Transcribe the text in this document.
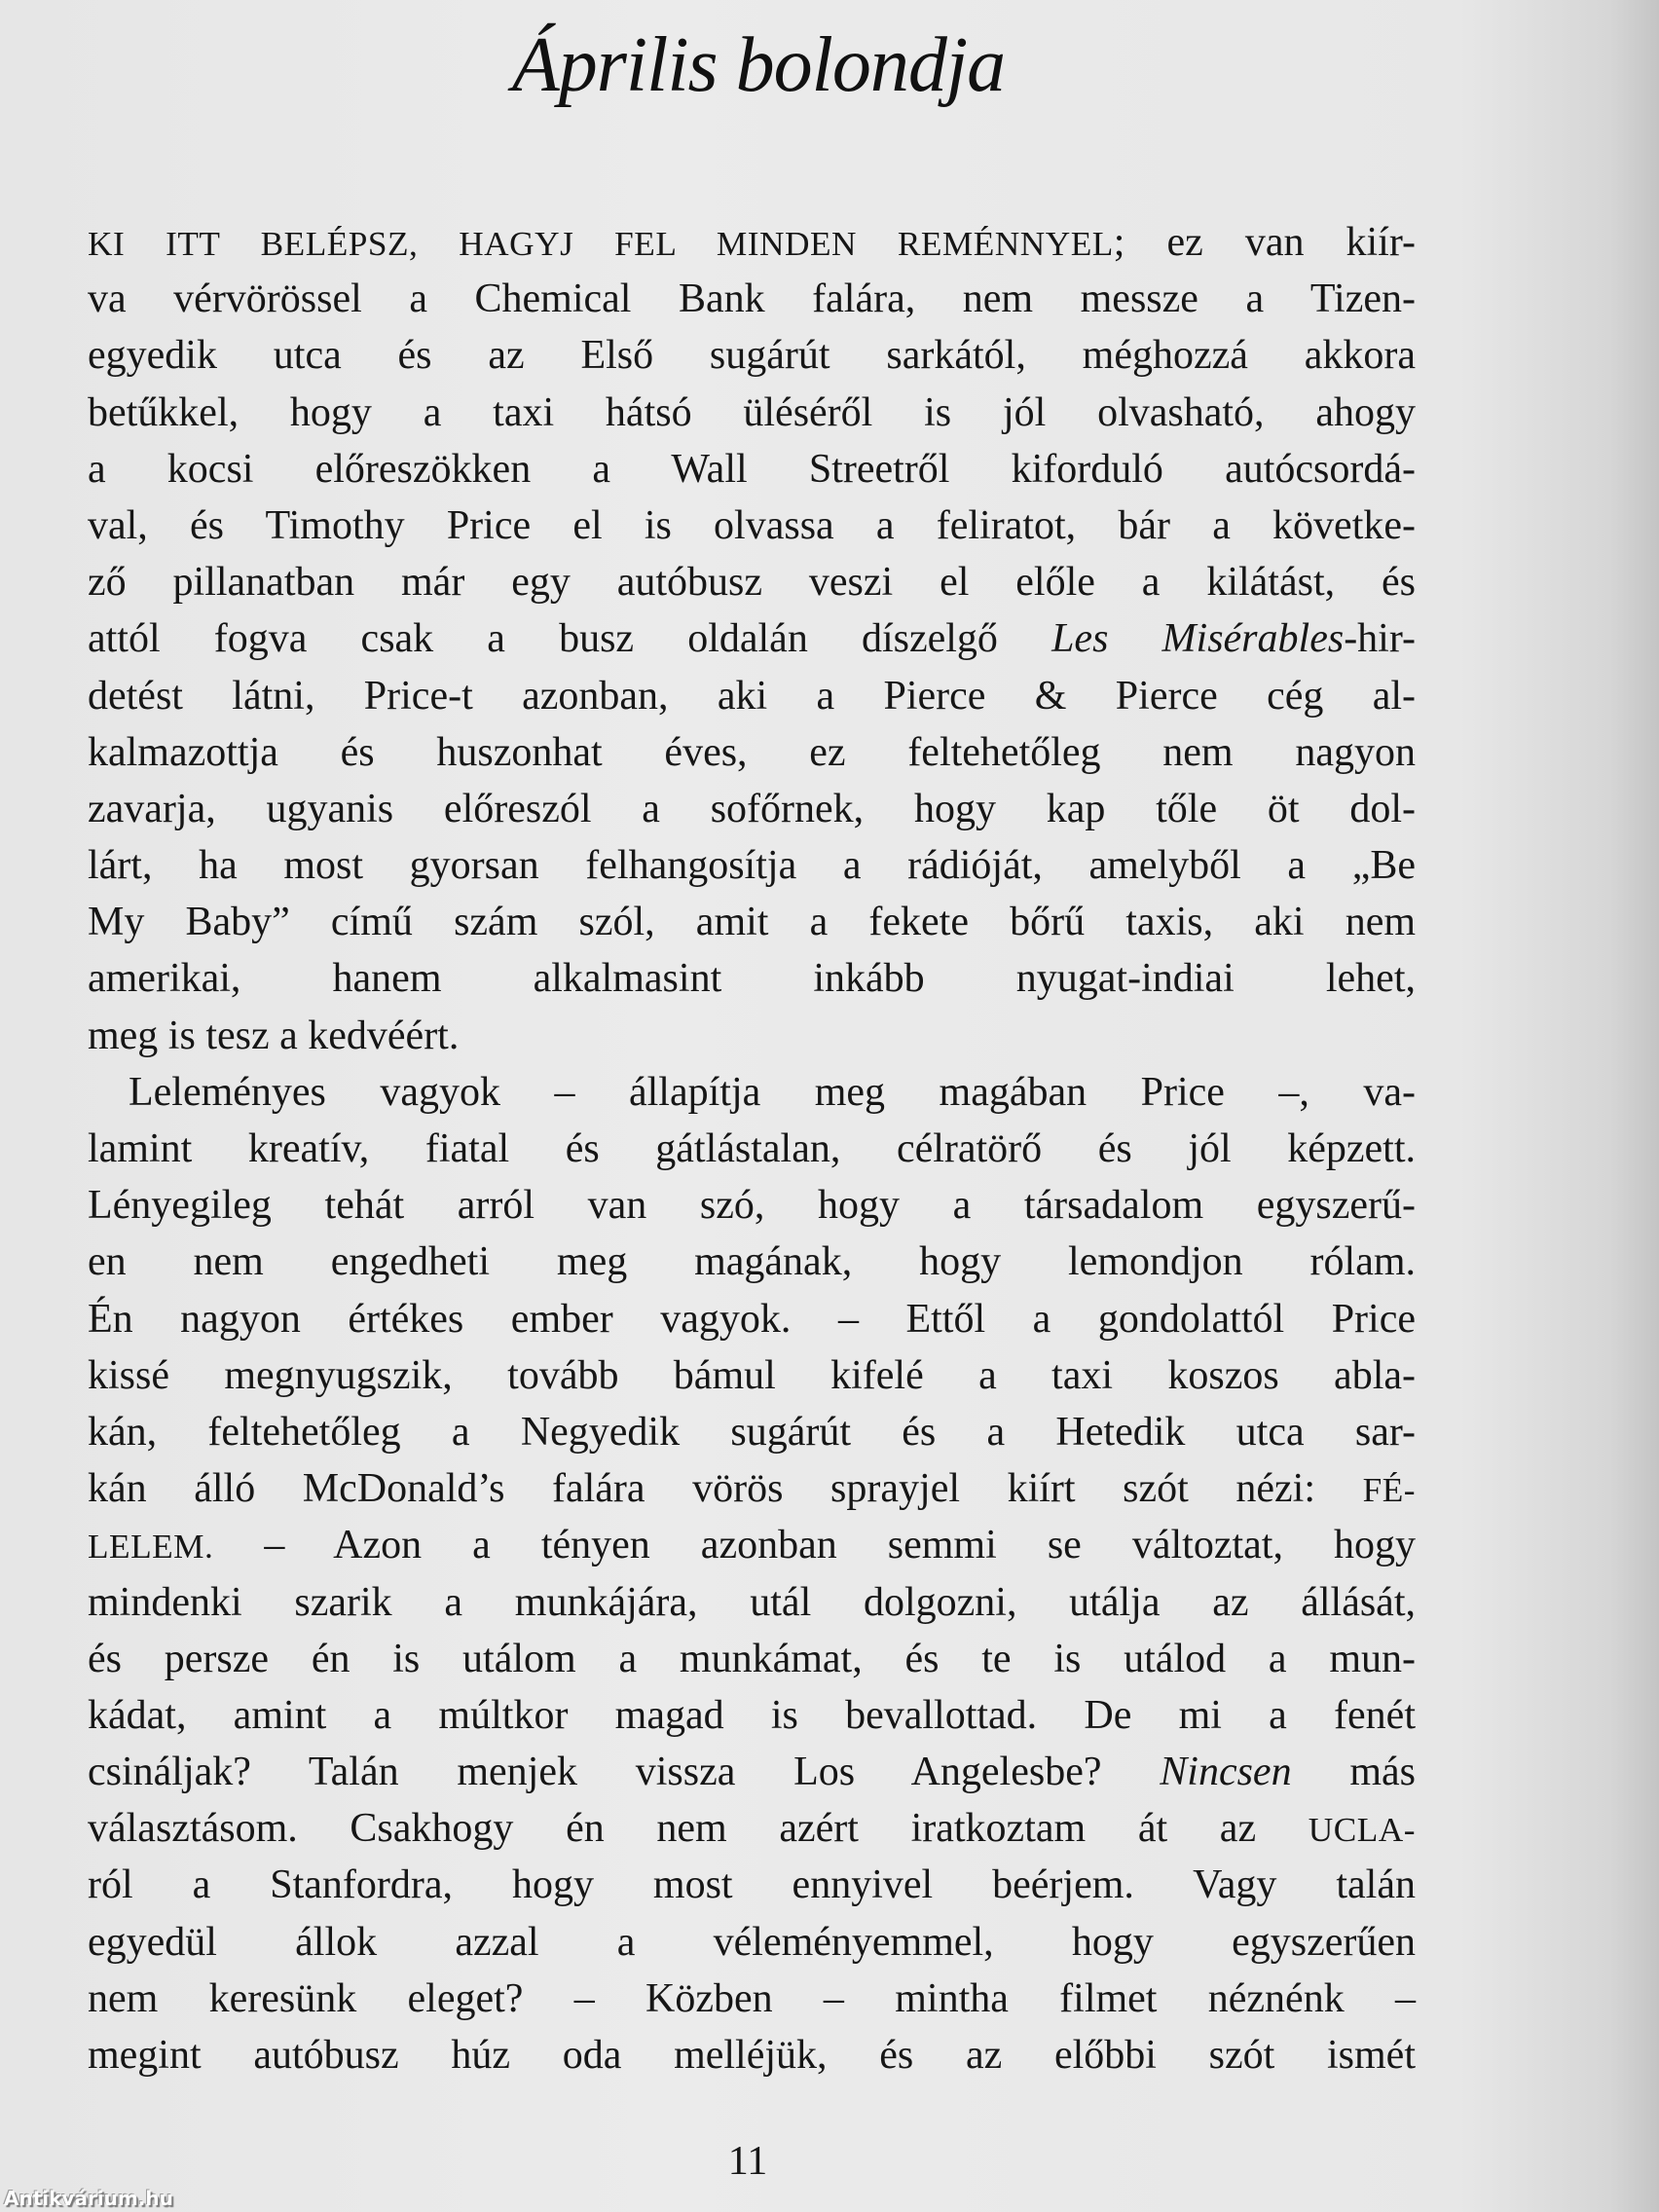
Április bolondja
KI ITT BELÉPSZ, HAGYJ FEL MINDEN REMÉNNYEL; ez van kiír-
va vérvörössel a Chemical Bank falára, nem messze a Tizen-
egyedik utca és az Első sugárút sarkától, méghozzá akkora
betűkkel, hogy a taxi hátsó üléséről is jól olvasható, ahogy
a kocsi előreszökken a Wall Streetről kiforduló autócsordá-
val, és Timothy Price el is olvassa a feliratot, bár a követke-
ző pillanatban már egy autóbusz veszi el előle a kilátást, és
attól fogva csak a busz oldalán díszelgő Les Misérables-hir-
detést látni, Price-t azonban, aki a Pierce & Pierce cég al-
kalmazottja és huszonhat éves, ez feltehetőleg nem nagyon
zavarja, ugyanis előreszól a sofőrnek, hogy kap tőle öt dol-
lárt, ha most gyorsan felhangosítja a rádióját, amelyből a „Be
My Baby” című szám szól, amit a fekete bőrű taxis, aki nem
amerikai, hanem alkalmasint inkább nyugat-indiai lehet,
meg is tesz a kedvéért.
Leleményes vagyok – állapítja meg magában Price –, va-
lamint kreatív, fiatal és gátlástalan, célratörő és jól képzett.
Lényegileg tehát arról van szó, hogy a társadalom egyszerű-
en nem engedheti meg magának, hogy lemondjon rólam.
Én nagyon értékes ember vagyok. – Ettől a gondolattól Price
kissé megnyugszik, tovább bámul kifelé a taxi koszos abla-
kán, feltehetőleg a Negyedik sugárút és a Hetedik utca sar-
kán álló McDonald’s falára vörös sprayjel kiírt szót nézi: FÉ-
LELEM. – Azon a tényen azonban semmi se változtat, hogy
mindenki szarik a munkájára, utál dolgozni, utálja az állását,
és persze én is utálom a munkámat, és te is utálod a mun-
kádat, amint a múltkor magad is bevallottad. De mi a fenét
csináljak? Talán menjek vissza Los Angelesbe? Nincsen más
választásom. Csakhogy én nem azért iratkoztam át az UCLA-
ról a Stanfordra, hogy most ennyivel beérjem. Vagy talán
egyedül állok azzal a véleményemmel, hogy egyszerűen
nem keresünk eleget? – Közben – mintha filmet néznénk –
megint autóbusz húz oda melléjük, és az előbbi szót ismét
11
Antikvárium.hu
